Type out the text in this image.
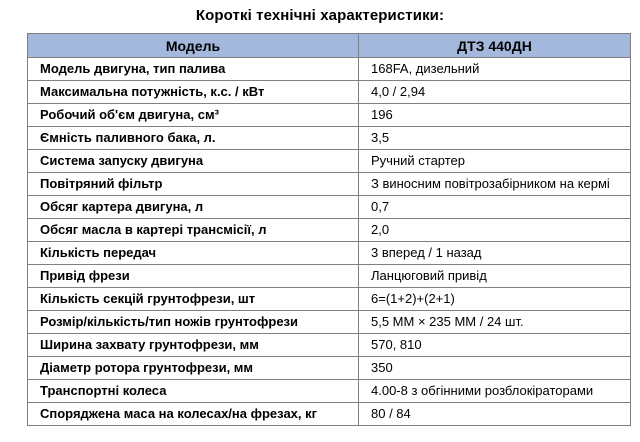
Короткі технічні характеристики:
Модель	ДТЗ 440ДН
Модель двигуна, тип палива	168FA, дизельний
Максимальна потужність, к.с. / кВт	4,0 / 2,94
Робочий об'єм двигуна, см³	196
Ємність паливного бака, л.	3,5
Система запуску двигуна	Ручний стартер
Повітряний фільтр	З виносним повітрозабірником на кермі
Обсяг картера двигуна, л	0,7
Обсяг масла в картері трансмісії, л	2,0
Кількість передач	3 вперед / 1 назад
Привід фрези	Ланцюговий привід
Кількість секцій грунтофрези, шт	6=(1+2)+(2+1)
Розмір/кількість/тип ножів грунтофрези	5,5 ММ × 235 ММ / 24 шт.
Ширина захвату грунтофрези, мм	570, 810
Діаметр ротора грунтофрези, мм	350
Транспортні колеса	4.00-8 з обгінними розблокіраторами
Споряджена маса на колесах/на фрезах, кг	80 / 84
